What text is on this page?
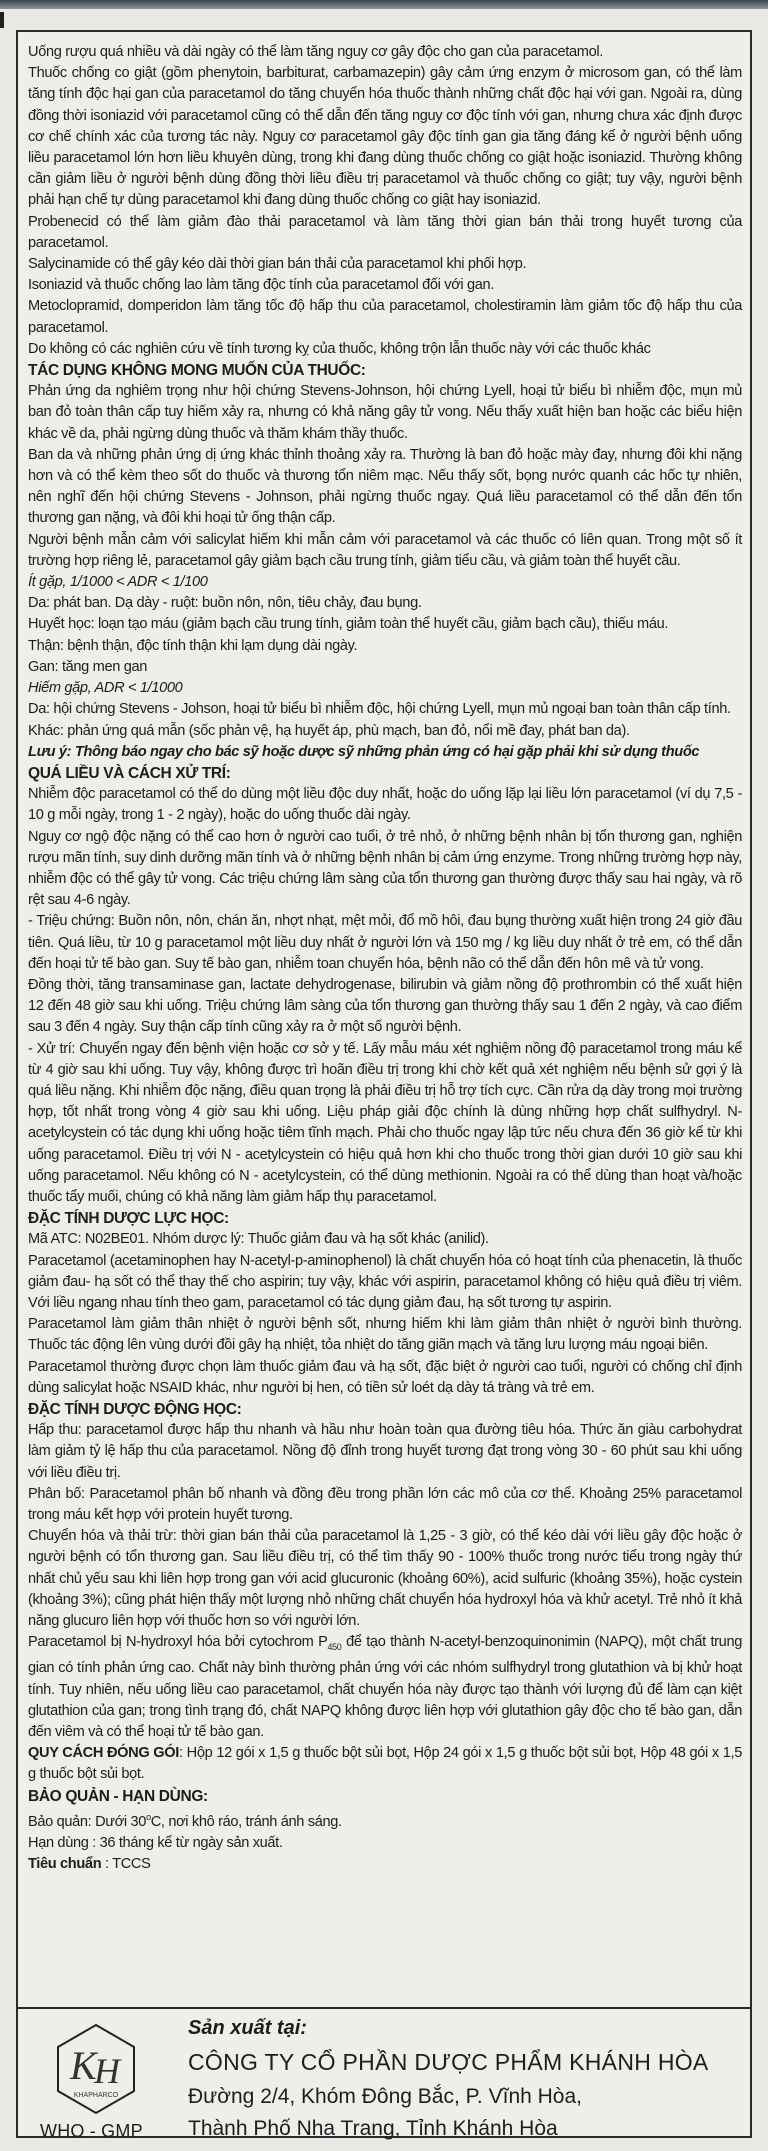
Uống rượu quá nhiều và dài ngày có thể làm tăng nguy cơ gây độc cho gan của paracetamol.

Thuốc chống co giật (gồm phenytoin, barbiturat, carbamazepin) gây cảm ứng enzym ở microsom gan, có thể làm tăng tính độc hại gan của paracetamol do tăng chuyển hóa thuốc thành những chất độc hại với gan. Ngoài ra, dùng đồng thời isoniazid với paracetamol cũng có thể dẫn đến tăng nguy cơ độc tính với gan, nhưng chưa xác định được cơ chế chính xác của tương tác này. Nguy cơ paracetamol gây độc tính gan gia tăng đáng kể ở người bệnh uống liều paracetamol lớn hơn liều khuyên dùng, trong khi đang dùng thuốc chống co giật hoặc isoniazid. Thường không cần giảm liều ở người bệnh dùng đồng thời liều điều trị paracetamol và thuốc chống co giật; tuy vậy, người bệnh phải hạn chế tự dùng paracetamol khi đang dùng thuốc chống co giật hay isoniazid.

Probenecid có thể làm giảm đào thải paracetamol và làm tăng thời gian bán thải trong huyết tương của paracetamol.

Salycinamide có thể gây kéo dài thời gian bán thải của paracetamol khi phối hợp.

Isoniazid và thuốc chống lao làm tăng độc tính của paracetamol đối với gan.

Metoclopramid, domperidon làm tăng tốc độ hấp thu của paracetamol, cholestiramin làm giảm tốc độ hấp thu của paracetamol.

Do không có các nghiên cứu về tính tương kỵ của thuốc, không trộn lẫn thuốc này với các thuốc khác

TÁC DỤNG KHÔNG MONG MUỐN CỦA THUỐC:

Phản ứng da nghiêm trọng như hội chứng Stevens-Johnson, hội chứng Lyell, hoại tử biểu bì nhiễm độc, mụn mủ ban đỏ toàn thân cấp tuy hiếm xảy ra, nhưng có khả năng gây tử vong. Nếu thấy xuất hiện ban hoặc các biểu hiện khác về da, phải ngừng dùng thuốc và thăm khám thầy thuốc.

Ban da và những phản ứng dị ứng khác thỉnh thoảng xảy ra. Thường là ban đỏ hoặc mày đay, nhưng đôi khi nặng hơn và có thể kèm theo sốt do thuốc và thương tổn niêm mạc. Nếu thấy sốt, bọng nước quanh các hốc tự nhiên, nên nghĩ đến hội chứng Stevens - Johnson, phải ngừng thuốc ngay. Quá liều paracetamol có thể dẫn đến tổn thương gan nặng, và đôi khi hoại tử ống thận cấp.

Người bệnh mẫn cảm với salicylat hiếm khi mẫn cảm với paracetamol và các thuốc có liên quan. Trong một số ít trường hợp riêng lẻ, paracetamol gây giảm bạch cầu trung tính, giảm tiểu cầu, và giảm toàn thể huyết cầu.

Ít gặp, 1/1000 < ADR < 1/100

Da: phát ban. Dạ dày - ruột: buồn nôn, nôn, tiêu chảy, đau bụng.

Huyết học: loạn tạo máu (giảm bạch cầu trung tính, giảm toàn thể huyết cầu, giảm bạch cầu), thiếu máu.

Thận: bệnh thận, độc tính thận khi lạm dụng dài ngày.

Gan: tăng men gan

Hiếm gặp, ADR < 1/1000

Da: hội chứng Stevens - Johson, hoại tử biểu bì nhiễm độc, hội chứng Lyell, mụn mủ ngoại ban toàn thân cấp tính.

Khác: phản ứng quá mẫn (sốc phản vệ, hạ huyết áp, phù mạch, ban đỏ, nổi mề đay, phát ban da).

Lưu ý: Thông báo ngay cho bác sỹ hoặc dược sỹ những phản ứng có hại gặp phải khi sử dụng thuốc

QUÁ LIỀU VÀ CÁCH XỬ TRÍ:

Nhiễm độc paracetamol có thể do dùng một liều độc duy nhất, hoặc do uống lặp lại liều lớn paracetamol (ví dụ 7,5 - 10 g mỗi ngày, trong 1 - 2 ngày), hoặc do uống thuốc dài ngày.

Nguy cơ ngộ độc nặng có thể cao hơn ở người cao tuổi, ở trẻ nhỏ, ở những bệnh nhân bị tổn thương gan, nghiện rượu mãn tính, suy dinh dưỡng mãn tính và ở những bệnh nhân bị cảm ứng enzyme. Trong những trường hợp này, nhiễm độc có thể gây tử vong. Các triệu chứng lâm sàng của tổn thương gan thường được thấy sau hai ngày, và rõ rệt sau 4-6 ngày.

- Triệu chứng: Buồn nôn, nôn, chán ăn, nhợt nhạt, mệt mỏi, đổ mồ hôi, đau bụng thường xuất hiện trong 24 giờ đầu tiên. Quá liều, từ 10 g paracetamol một liều duy nhất ở người lớn và 150 mg / kg liều duy nhất ở trẻ em, có thể dẫn đến hoại tử tế bào gan. Suy tế bào gan, nhiễm toan chuyển hóa, bệnh não có thể dẫn đến hôn mê và tử vong.

Đồng thời, tăng transaminase gan, lactate dehydrogenase, bilirubin và giảm nồng độ prothrombin có thể xuất hiện 12 đến 48 giờ sau khi uống. Triệu chứng lâm sàng của tổn thương gan thường thấy sau 1 đến 2 ngày, và cao điểm sau 3 đến 4 ngày. Suy thận cấp tính cũng xảy ra ở một số người bệnh.

- Xử trí: Chuyển ngay đến bệnh viện hoặc cơ sở y tế. Lấy mẫu máu xét nghiệm nồng độ paracetamol trong máu kể từ 4 giờ sau khi uống. Tuy vậy, không được trì hoãn điều trị trong khi chờ kết quả xét nghiệm nếu bệnh sử gợi ý là quá liều nặng. Khi nhiễm độc nặng, điều quan trọng là phải điều trị hỗ trợ tích cực. Cần rửa dạ dày trong mọi trường hợp, tốt nhất trong vòng 4 giờ sau khi uống. Liệu pháp giải độc chính là dùng những hợp chất sulfhydryl. N-acetylcystein có tác dụng khi uống hoặc tiêm tĩnh mạch. Phải cho thuốc ngay lập tức nếu chưa đến 36 giờ kể từ khi uống paracetamol. Điều trị với N - acetylcystein có hiệu quả hơn khi cho thuốc trong thời gian dưới 10 giờ sau khi uống paracetamol. Nếu không có N - acetylcystein, có thể dùng methionin. Ngoài ra có thể dùng than hoạt và/hoặc thuốc tẩy muối, chúng có khả năng làm giảm hấp thụ paracetamol.

ĐẶC TÍNH DƯỢC LỰC HỌC:

Mã ATC: N02BE01. Nhóm dược lý: Thuốc giảm đau và hạ sốt khác (anilid).

Paracetamol (acetaminophen hay N-acetyl-p-aminophenol) là chất chuyển hóa có hoạt tính của phenacetin, là thuốc giảm đau- hạ sốt có thể thay thế cho aspirin; tuy vậy, khác với aspirin, paracetamol không có hiệu quả điều trị viêm. Với liều ngang nhau tính theo gam, paracetamol có tác dụng giảm đau, hạ sốt tương tự aspirin.

Paracetamol làm giảm thân nhiệt ở người bệnh sốt, nhưng hiếm khi làm giảm thân nhiệt ở người bình thường. Thuốc tác động lên vùng dưới đồi gây hạ nhiệt, tỏa nhiệt do tăng giãn mạch và tăng lưu lượng máu ngoại biên.

Paracetamol thường được chọn làm thuốc giảm đau và hạ sốt, đặc biệt ở người cao tuổi, người có chống chỉ định dùng salicylat hoặc NSAID khác, như người bị hen, có tiền sử loét dạ dày tá tràng và trẻ em.

ĐẶC TÍNH DƯỢC ĐỘNG HỌC:

Hấp thu: paracetamol được hấp thu nhanh và hầu như hoàn toàn qua đường tiêu hóa. Thức ăn giàu carbohydrat làm giảm tỷ lệ hấp thu của paracetamol. Nồng độ đỉnh trong huyết tương đạt trong vòng 30 - 60 phút sau khi uống với liều điều trị.

Phân bố: Paracetamol phân bố nhanh và đồng đều trong phần lớn các mô của cơ thể. Khoảng 25% paracetamol trong máu kết hợp với protein huyết tương.

Chuyển hóa và thải trừ: thời gian bán thải của paracetamol là 1,25 - 3 giờ, có thể kéo dài với liều gây độc hoặc ở người bệnh có tổn thương gan. Sau liều điều trị, có thể tìm thấy 90 - 100% thuốc trong nước tiểu trong ngày thứ nhất chủ yếu sau khi liên hợp trong gan với acid glucuronic (khoảng 60%), acid sulfuric (khoảng 35%), hoặc cystein (khoảng 3%); cũng phát hiện thấy một lượng nhỏ những chất chuyển hóa hydroxyl hóa và khử acetyl. Trẻ nhỏ ít khả năng glucuro liên hợp với thuốc hơn so với người lớn.

Paracetamol bị N-hydroxyl hóa bởi cytochrom $P_{450}$ để tạo thành N-acetyl-benzoquinonimin (NAPQ), một chất trung gian có tính phản ứng cao. Chất này bình thường phản ứng với các nhóm sulfhydryl trong glutathion và bị khử hoạt tính. Tuy nhiên, nếu uống liều cao paracetamol, chất chuyển hóa này được tạo thành với lượng đủ để làm cạn kiệt glutathion của gan; trong tình trạng đó, chất NAPQ không được liên hợp với glutathion gây độc cho tế bào gan, dẫn đến viêm và có thể hoại tử tế bào gan.

QUY CÁCH ĐÓNG GÓI: Hộp 12 gói x 1,5 g thuốc bột sủi bọt, Hộp 24 gói x 1,5 g thuốc bột sủi bọt, Hộp 48 gói x 1,5 g thuốc bột sủi bọt.

BẢO QUẢN - HẠN DÙNG:

Bảo quản: Dưới 30$^o$C, nơi khô ráo, tránh ánh sáng.

Hạn dùng : 36 tháng kể từ ngày sản xuất.

Tiêu chuẩn : TCCS

K
H
KHAPHARCO
WHO - GMP
Sản xuất tại:
CÔNG TY CỔ PHẦN DƯỢC PHẨM KHÁNH HÒA
Đường 2/4, Khóm Đông Bắc, P. Vĩnh Hòa,
Thành Phố Nha Trang, Tỉnh Khánh Hòa
